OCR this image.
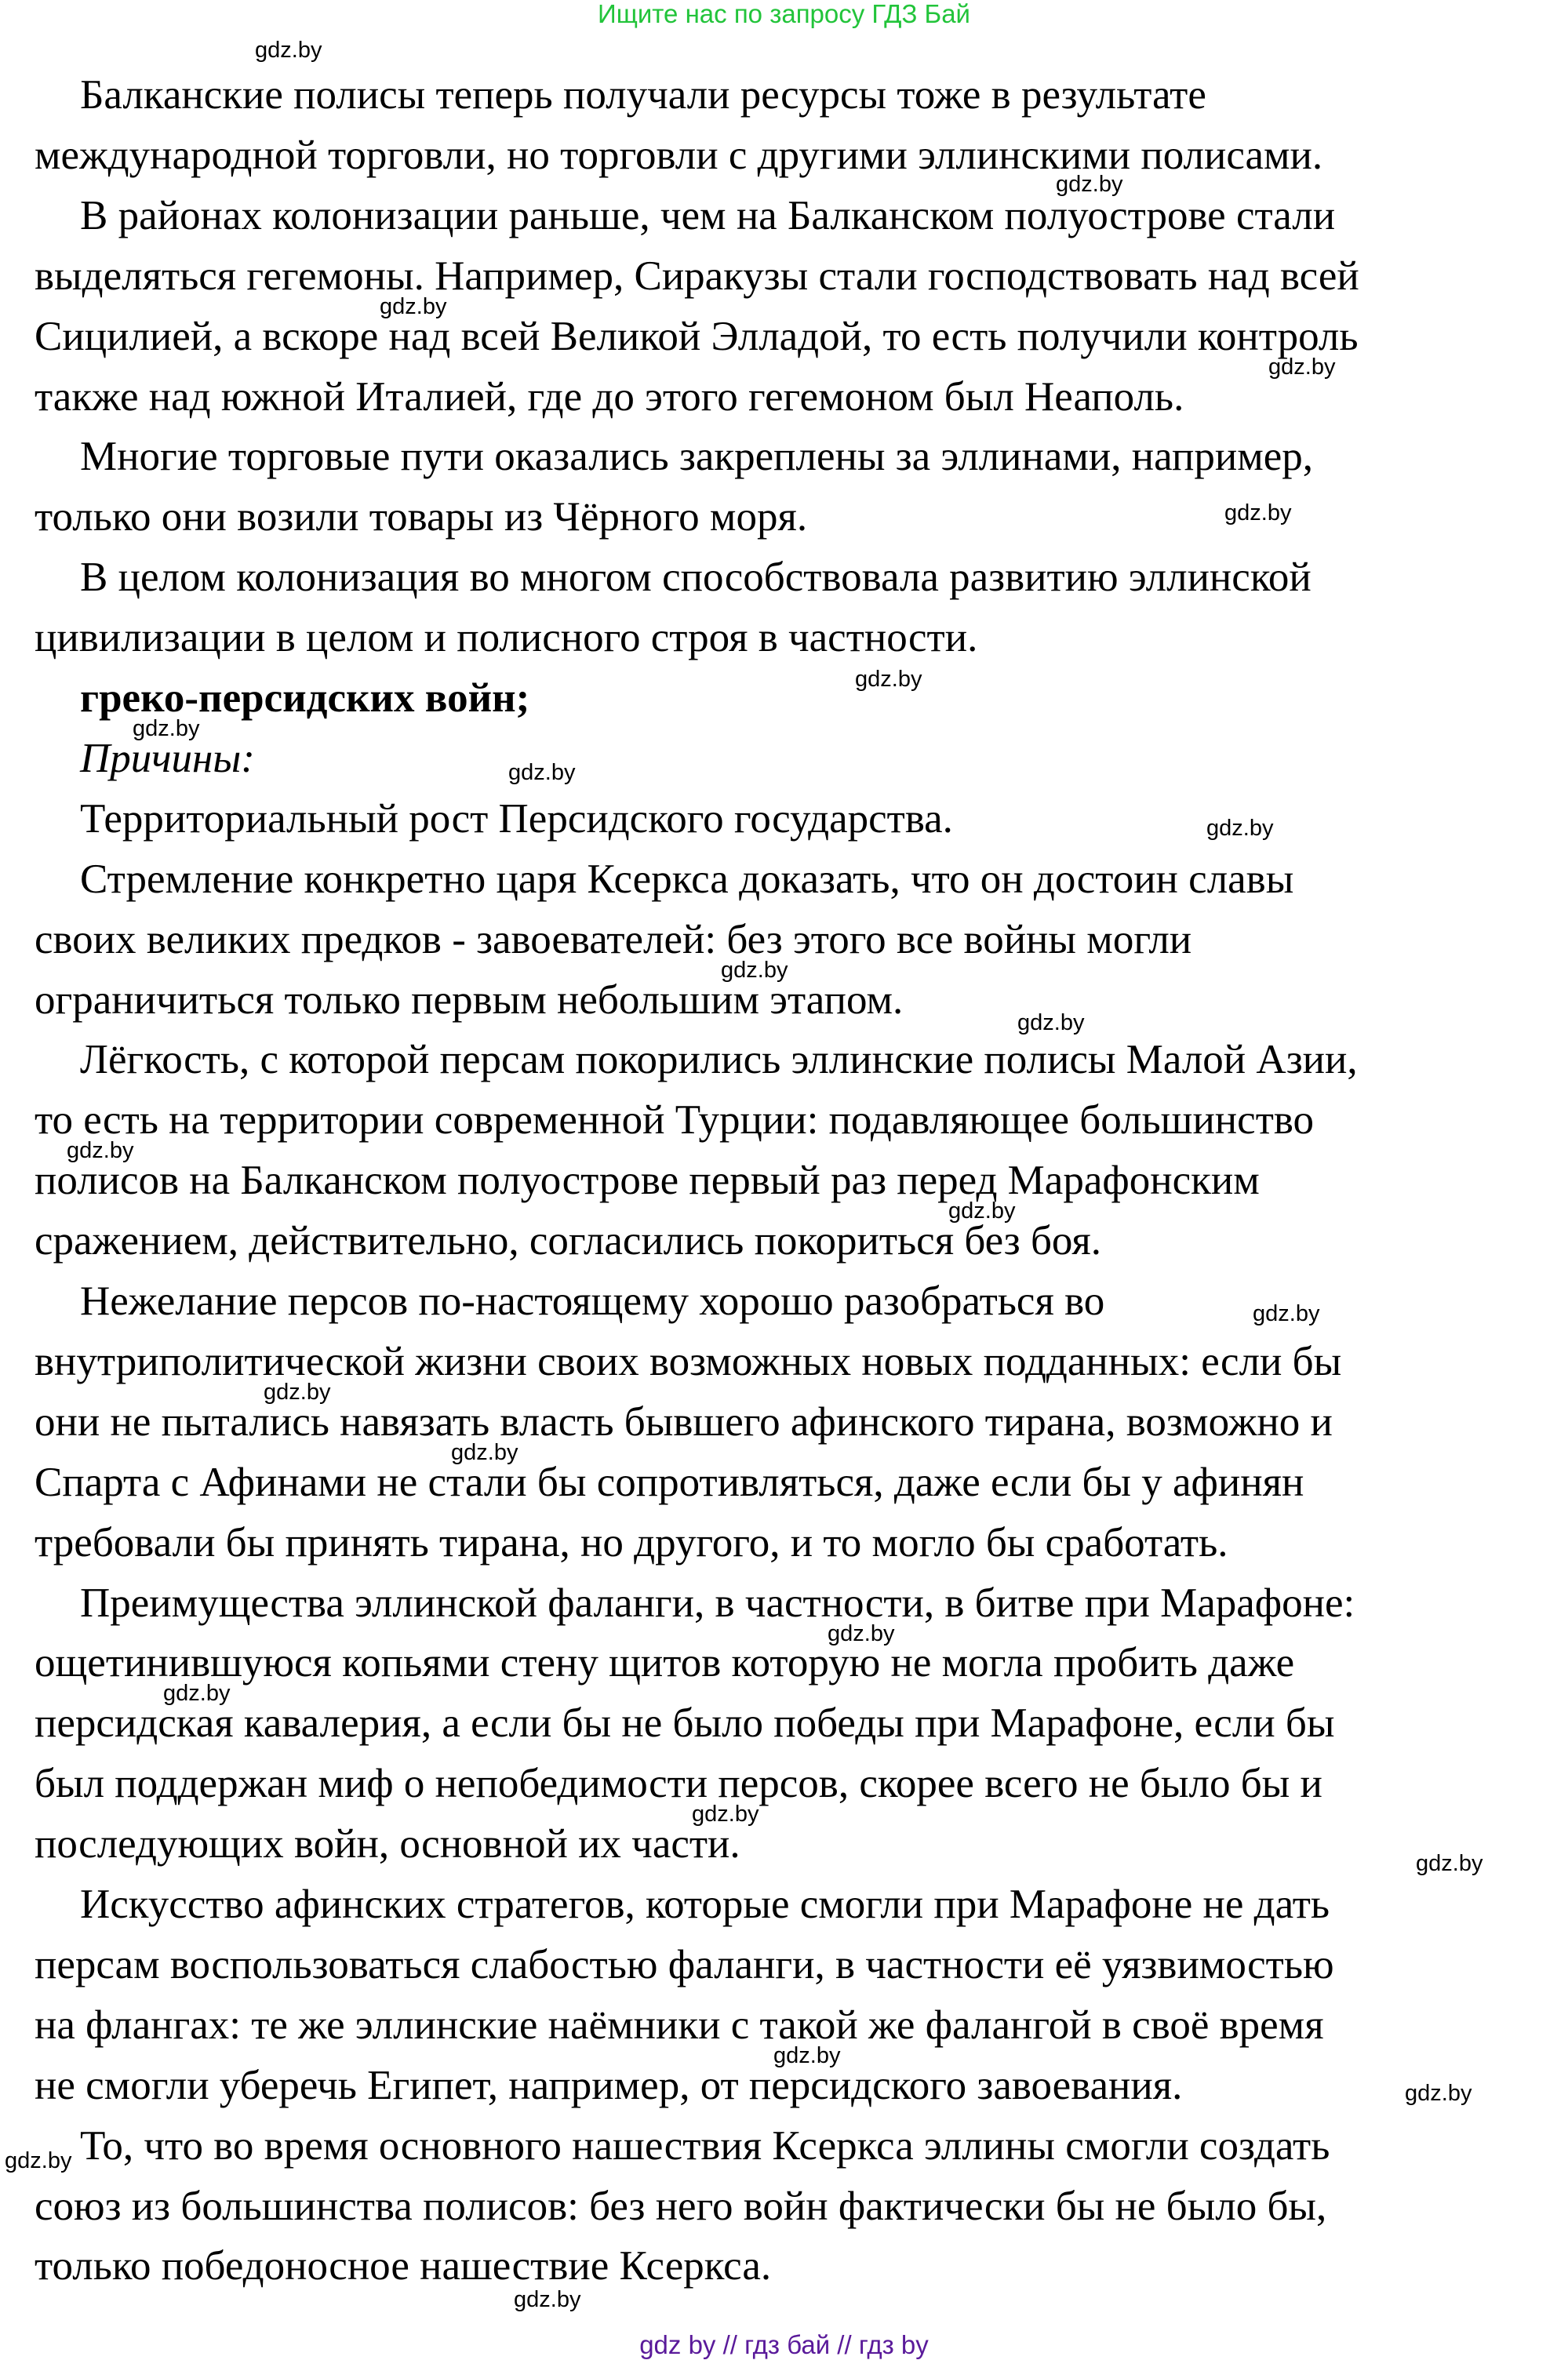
Ищите нас по запросу ГДЗ Бай
Балканские полисы теперь получали ресурсы тоже в результате
международной торговли, но торговли с другими эллинскими полисами.
В районах колонизации раньше, чем на Балканском полуострове стали
выделяться гегемоны. Например, Сиракузы стали господствовать над всей
Сицилией, а вскоре над всей Великой Элладой, то есть получили контроль
также над южной Италией, где до этого гегемоном был Неаполь.
Многие торговые пути оказались закреплены за эллинами, например,
только они возили товары из Чёрного моря.
В целом колонизация во многом способствовала развитию эллинской
цивилизации в целом и полисного строя в частности.
греко-персидских войн;
Причины:
Территориальный рост Персидского государства.
Стремление конкретно царя Ксеркса доказать, что он достоин славы
своих великих предков - завоевателей: без этого все войны могли
ограничиться только первым небольшим этапом.
Лёгкость, с которой персам покорились эллинские полисы Малой Азии,
то есть на территории современной Турции: подавляющее большинство
полисов на Балканском полуострове первый раз перед Марафонским
сражением, действительно, согласились покориться без боя.
Нежелание персов по-настоящему хорошо разобраться во
внутриполитической жизни своих возможных новых подданных: если бы
они не пытались навязать власть бывшего афинского тирана, возможно и
Спарта с Афинами не стали бы сопротивляться, даже если бы у афинян
требовали бы принять тирана, но другого, и то могло бы сработать.
Преимущества эллинской фаланги, в частности, в битве при Марафоне:
ощетинившуюся копьями стену щитов которую не могла пробить даже
персидская кавалерия, а если бы не было победы при Марафоне, если бы
был поддержан миф о непобедимости персов, скорее всего не было бы и
последующих войн, основной их части.
Искусство афинских стратегов, которые смогли при Марафоне не дать
персам воспользоваться слабостью фаланги, в частности её уязвимостью
на флангах: те же эллинские наёмники с такой же фалангой в своё время
не смогли уберечь Египет, например, от персидского завоевания.
То, что во время основного нашествия Ксеркса эллины смогли создать
союз из большинства полисов: без него войн фактически бы не было бы,
только победоносное нашествие Ксеркса.
gdz.by
gdz.by
gdz.by
gdz.by
gdz.by
gdz.by
gdz.by
gdz.by
gdz.by
gdz.by
gdz.by
gdz.by
gdz.by
gdz.by
gdz.by
gdz.by
gdz.by
gdz.by
gdz.by
gdz.by
gdz.by
gdz.by
gdz.by
gdz.by
gdz by // гдз бай // гдз by
